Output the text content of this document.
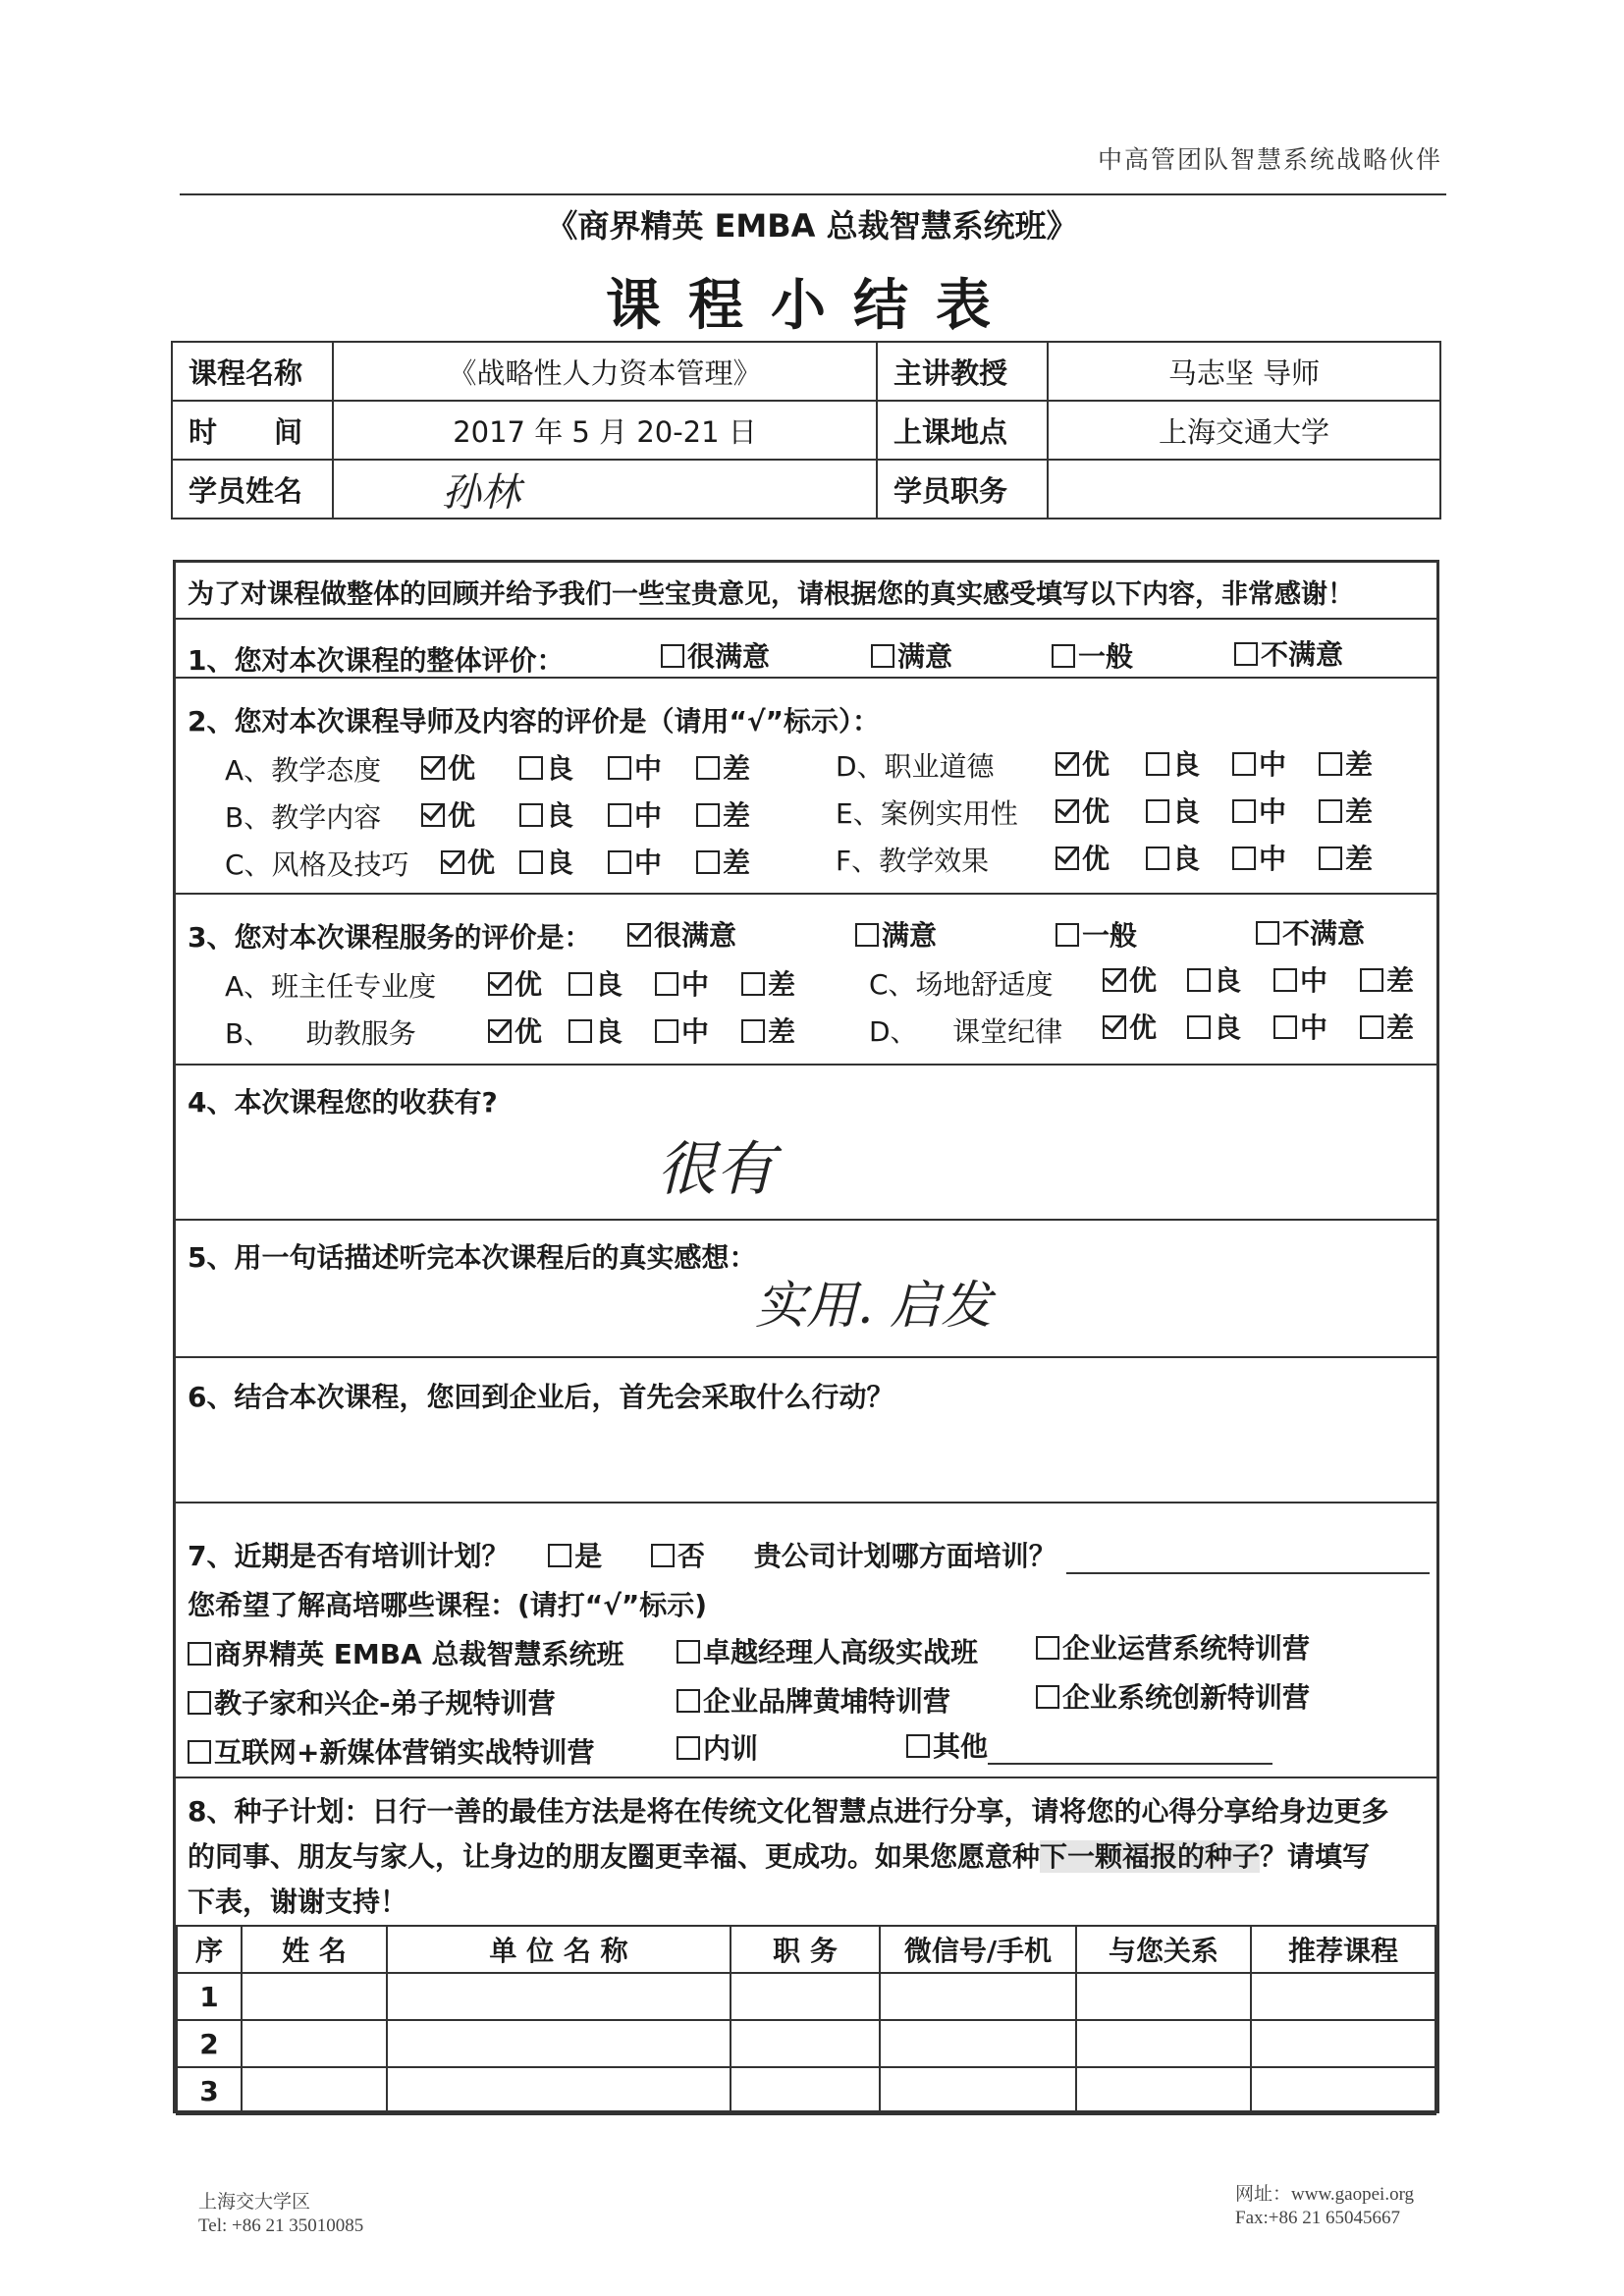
中高管团队智慧系统战略伙伴
《商界精英 EMBA 总裁智慧系统班》
课程小结表
课程名称	《战略性人力资本管理》	主讲教授	马志坚 导师
时　　间	2017 年 5 月 20-21 日	上课地点	上海交通大学
学员姓名	孙林	学员职务	
为了对课程做整体的回顾并给予我们一些宝贵意见，请根据您的真实感受填写以下内容，非常感谢！
1、您对本次课程的整体评价：	很满意	满意	一般	不满意
2、您对本次课程导师及内容的评价是（请用“√”标示）：
A、教学态度	优	良	中	差
B、教学内容	优	良	中	差
C、风格及技巧	优	良	中	差
D、职业道德	优	良	中	差
E、案例实用性	优	良	中	差
F、教学效果	优	良	中	差
3、您对本次课程服务的评价是：	很满意	满意	一般	不满意
A、班主任专业度	优	良	中	差
B、    助教服务	优	良	中	差
C、场地舒适度	优	良	中	差
D、    课堂纪律	优	良	中	差
4、本次课程您的收获有?
很有
5、用一句话描述听完本次课程后的真实感想：
实用. 启发
6、结合本次课程，您回到企业后，首先会采取什么行动？
7、近期是否有培训计划？ 是	否 贵公司计划哪方面培训？
您希望了解高培哪些课程：(请打“√”标示)
商界精英 EMBA 总裁智慧系统班	卓越经理人高级实战班	企业运营系统特训营
教子家和兴企-弟子规特训营	企业品牌黄埔特训营	企业系统创新特训营
互联网+新媒体营销实战特训营	内训	其他
8、种子计划：日行一善的最佳方法是将在传统文化智慧点进行分享，请将您的心得分享给身边更多
的同事、朋友与家人，让身边的朋友圈更幸福、更成功。如果您愿意种下一颗福报的种子？请填写
下表，谢谢支持！
序	姓 名	单 位 名 称	职 务	微信号/手机	与您关系	推荐课程
1						
2						
3						
上海交大学区
Tel: +86 21 35010085
网址：www.gaopei.org
Fax:+86 21 65045667
